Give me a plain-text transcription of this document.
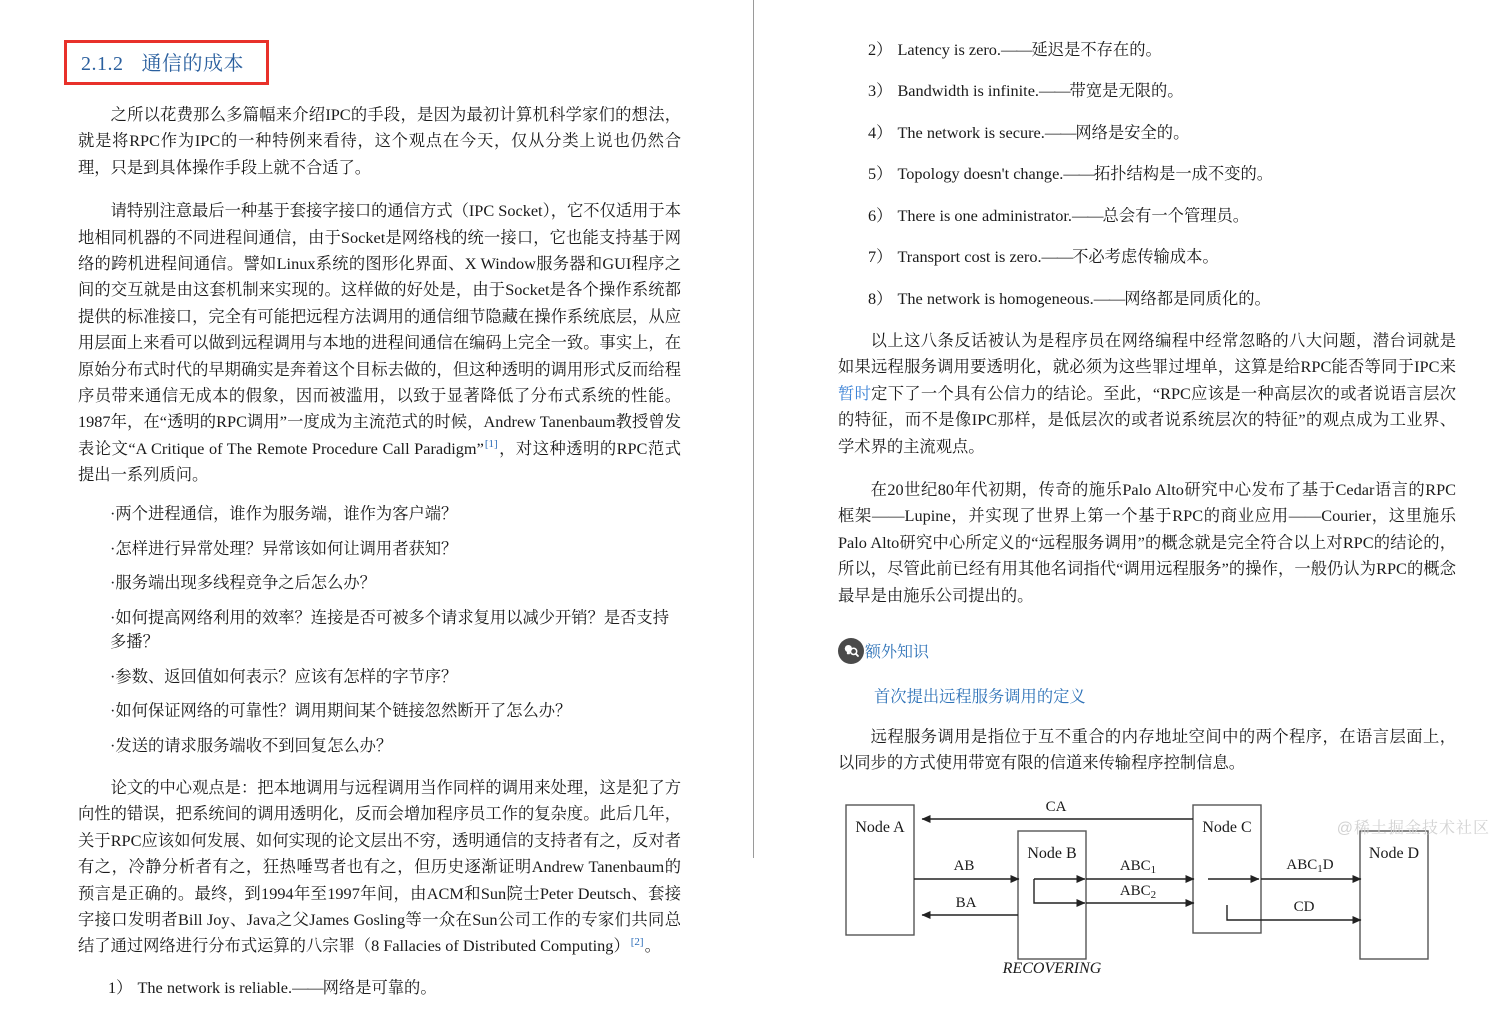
2.1.2 通信的成本

之所以花费那么多篇幅来介绍IPC的手段，是因为最初计算机科学家们的想法，就是将RPC作为IPC的一种特例来看待，这个观点在今天，仅从分类上说也仍然合理，只是到具体操作手段上就不合适了。

请特别注意最后一种基于套接字接口的通信方式（IPC Socket），它不仅适用于本地相同机器的不同进程间通信，由于Socket是网络栈的统一接口，它也能支持基于网络的跨机进程间通信。譬如Linux系统的图形化界面、X Window服务器和GUI程序之间的交互就是由这套机制来实现的。这样做的好处是，由于Socket是各个操作系统都提供的标准接口，完全有可能把远程方法调用的通信细节隐藏在操作系统底层，从应用层面上来看可以做到远程调用与本地的进程间通信在编码上完全一致。事实上，在原始分布式时代的早期确实是奔着这个目标去做的，但这种透明的调用形式反而给程序员带来通信无成本的假象，因而被滥用，以致于显著降低了分布式系统的性能。1987年，在“透明的RPC调用”一度成为主流范式的时候，Andrew Tanenbaum教授曾发表论文“A Critique of The Remote Procedure Call Paradigm”[1]，对这种透明的RPC范式提出一系列质问。

·两个进程通信，谁作为服务端，谁作为客户端？
·怎样进行异常处理？异常该如何让调用者获知？
·服务端出现多线程竞争之后怎么办？
·如何提高网络利用的效率？连接是否可被多个请求复用以减少开销？是否支持多播？
·参数、返回值如何表示？应该有怎样的字节序？
·如何保证网络的可靠性？调用期间某个链接忽然断开了怎么办？
·发送的请求服务端收不到回复怎么办？

论文的中心观点是：把本地调用与远程调用当作同样的调用来处理，这是犯了方向性的错误，把系统间的调用透明化，反而会增加程序员工作的复杂度。此后几年，关于RPC应该如何发展、如何实现的论文层出不穷，透明通信的支持者有之，反对者有之，冷静分析者有之，狂热唾骂者也有之，但历史逐渐证明Andrew Tanenbaum的预言是正确的。最终，到1994年至1997年间，由ACM和Sun院士Peter Deutsch、套接字接口发明者Bill Joy、Java之父James Gosling等一众在Sun公司工作的专家们共同总结了通过网络进行分布式运算的八宗罪（8 Fallacies of Distributed Computing）[2]。

1） The network is reliable.——网络是可靠的。
2） Latency is zero.——延迟是不存在的。
3） Bandwidth is infinite.——带宽是无限的。
4） The network is secure.——网络是安全的。
5） Topology doesn't change.——拓扑结构是一成不变的。
6） There is one administrator.——总会有一个管理员。
7） Transport cost is zero.——不必考虑传输成本。
8） The network is homogeneous.——网络都是同质化的。

以上这八条反话被认为是程序员在网络编程中经常忽略的八大问题，潜台词就是如果远程服务调用要透明化，就必须为这些罪过埋单，这算是给RPC能否等同于IPC来暂时定下了一个具有公信力的结论。至此，“RPC应该是一种高层次的或者说语言层次的特征，而不是像IPC那样，是低层次的或者说系统层次的特征”的观点成为工业界、学术界的主流观点。

在20世纪80年代初期，传奇的施乐Palo Alto研究中心发布了基于Cedar语言的RPC框架——Lupine，并实现了世界上第一个基于RPC的商业应用——Courier，这里施乐Palo Alto研究中心所定义的“远程服务调用”的概念就是完全符合以上对RPC的结论的，所以，尽管此前已经有用其他名词指代“调用远程服务”的操作，一般仍认为RPC的概念最早是由施乐公司提出的。

额外知识
首次提出远程服务调用的定义

远程服务调用是指位于互不重合的内存地址空间中的两个程序，在语言层面上，以同步的方式使用带宽有限的信道来传输程序控制信息。

Node A
Node B
Node C
Node D
CA
AB	$ABC_1$
$ABC_2$
BA
$ABC_1D$
CD
RECOVERING
@稀土掘金技术社区
